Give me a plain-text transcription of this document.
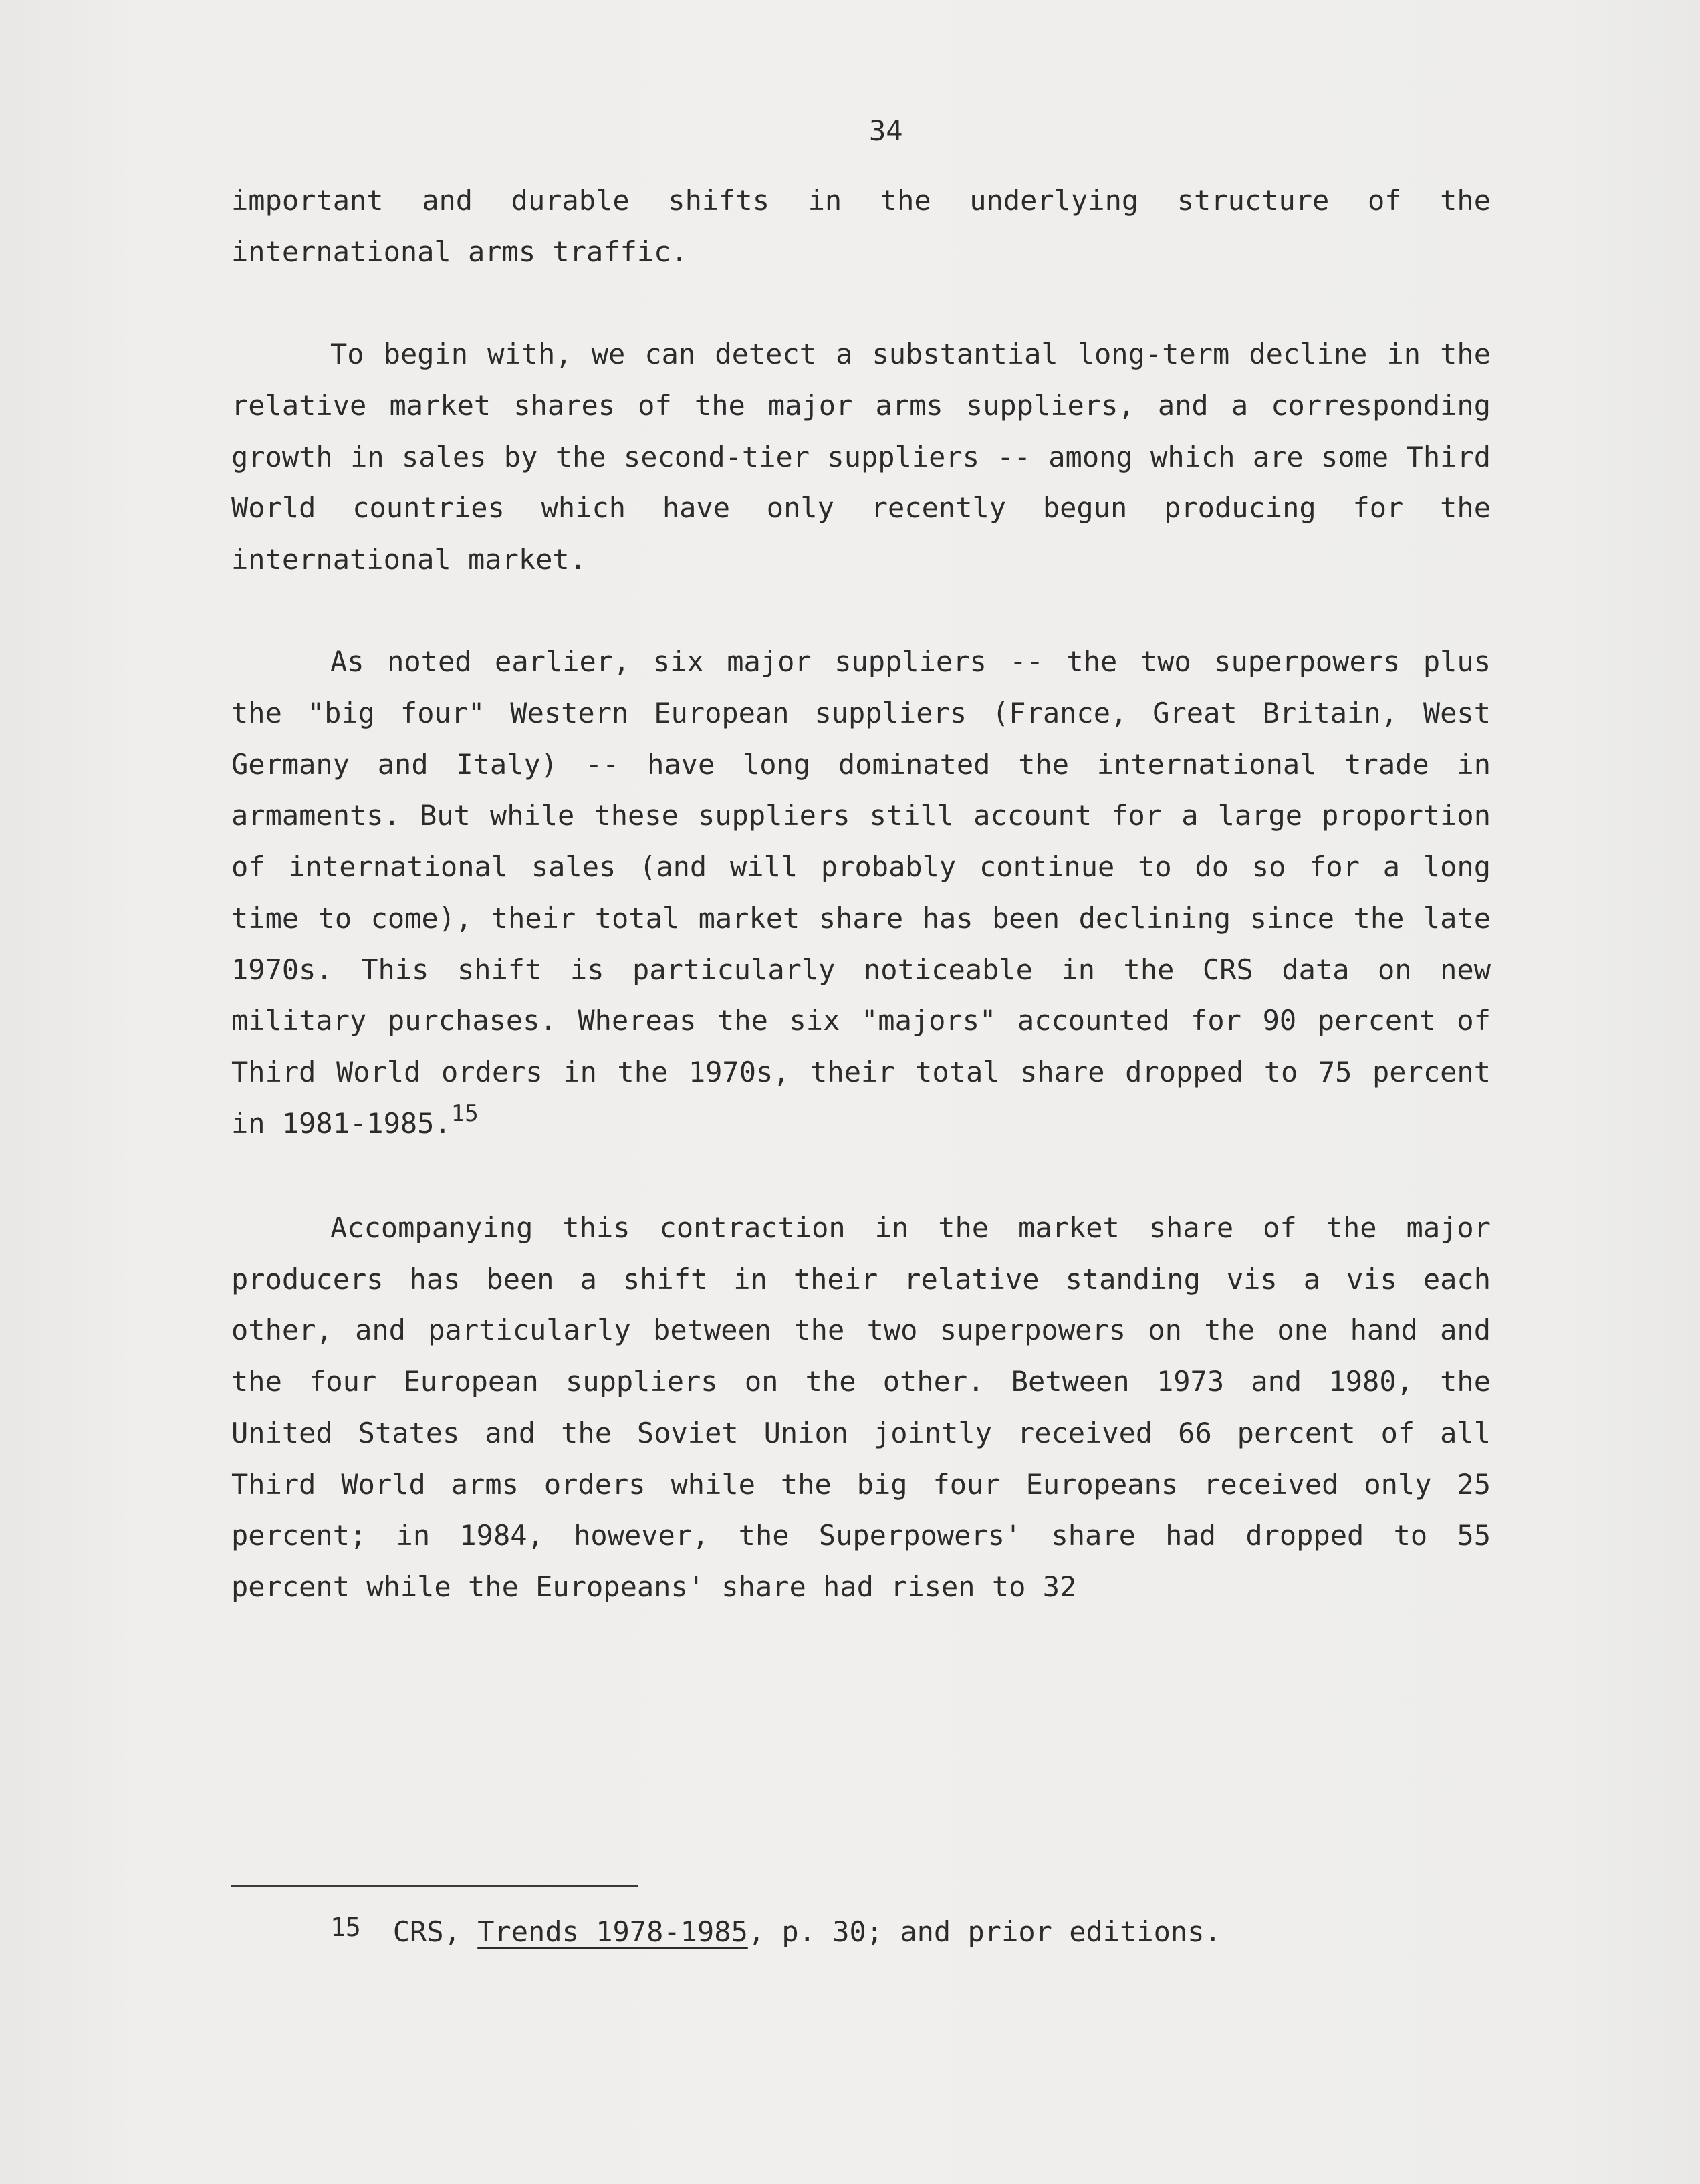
34

important and durable shifts in the underlying structure of the international arms traffic.

To begin with, we can detect a substantial long-term decline in the relative market shares of the major arms suppliers, and a corresponding growth in sales by the second-tier suppliers -- among which are some Third World countries which have only recently begun producing for the international market.

As noted earlier, six major suppliers -- the two superpowers plus the "big four" Western European suppliers (France, Great Britain, West Germany and Italy) -- have long dominated the international trade in armaments. But while these suppliers still account for a large proportion of international sales (and will probably continue to do so for a long time to come), their total market share has been declining since the late 1970s. This shift is particularly noticeable in the CRS data on new military purchases. Whereas the six "majors" accounted for 90 percent of Third World orders in the 1970s, their total share dropped to 75 percent in 1981-1985.15

Accompanying this contraction in the market share of the major producers has been a shift in their relative standing vis a vis each other, and particularly between the two superpowers on the one hand and the four European suppliers on the other. Between 1973 and 1980, the United States and the Soviet Union jointly received 66 percent of all Third World arms orders while the big four Europeans received only 25 percent; in 1984, however, the Superpowers' share had dropped to 55 percent while the Europeans' share had risen to 32

15 CRS, Trends 1978-1985, p. 30; and prior editions.
